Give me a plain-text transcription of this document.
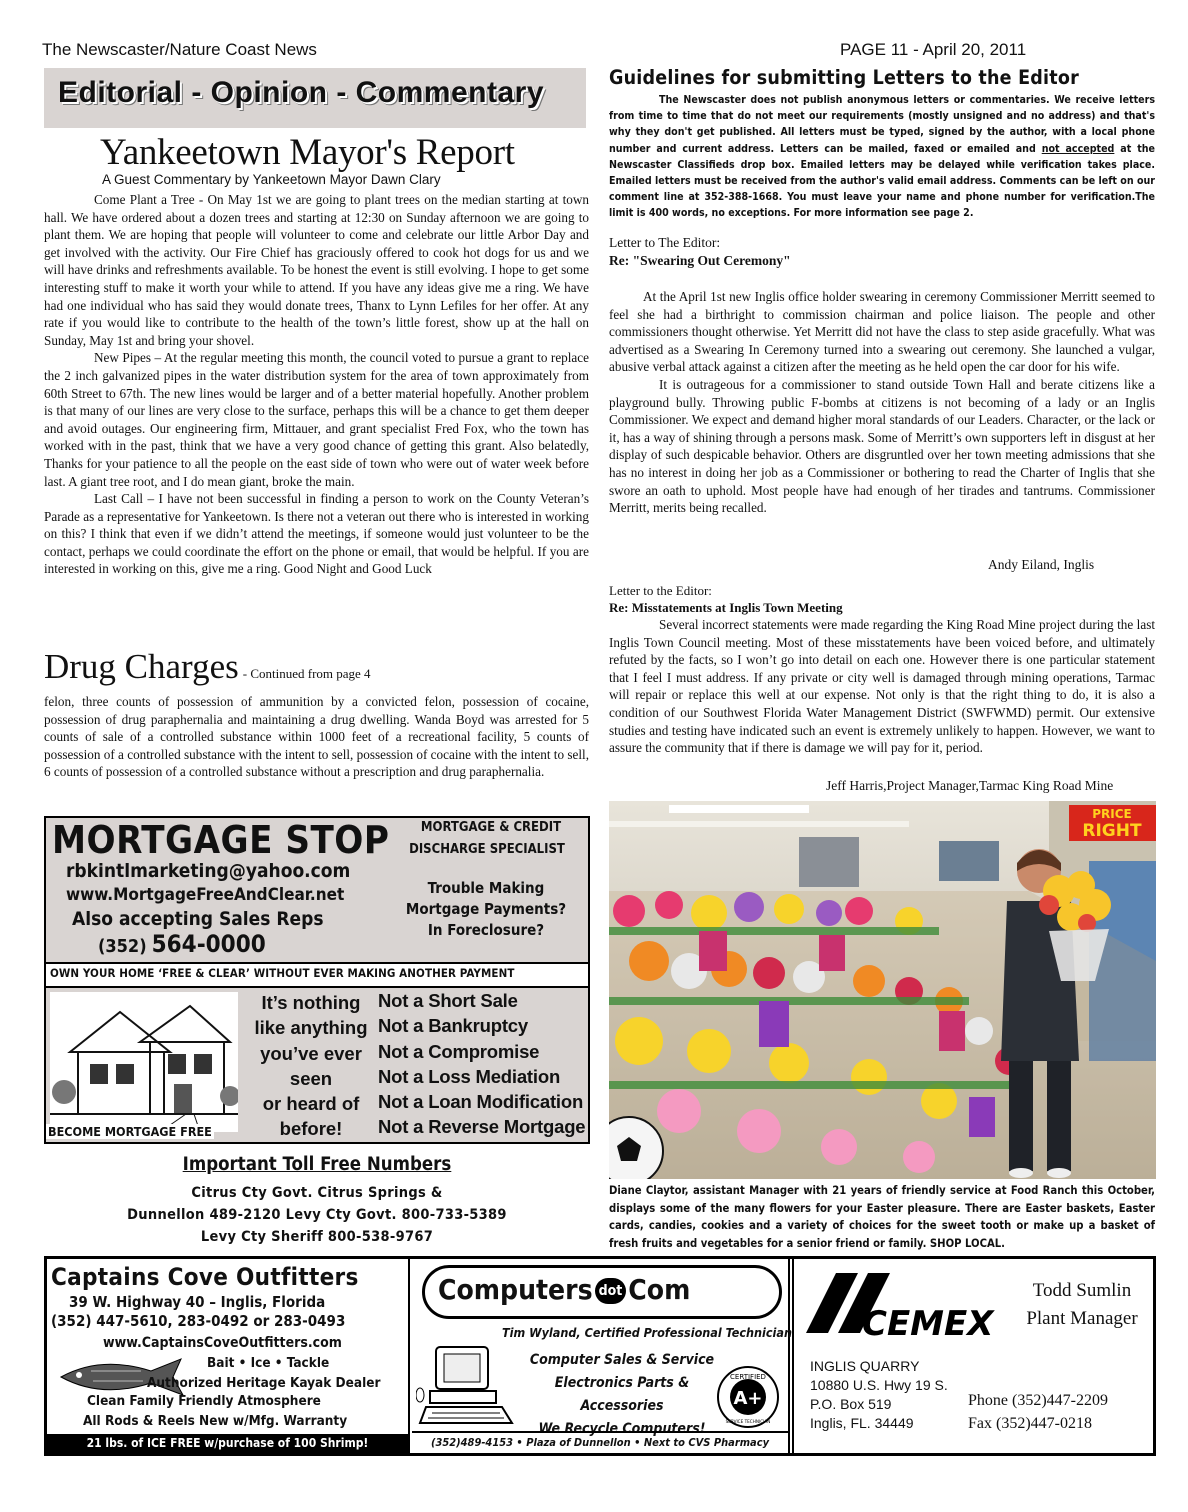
The Newscaster/Nature Coast News	PAGE 11 - April 20, 2011
Editorial - Opinion - Commentary
Yankeetown Mayor's Report
A Guest Commentary by Yankeetown Mayor Dawn Clary

Come Plant a Tree - On May 1st we are going to plant trees on the median starting at town hall. We have ordered about a dozen trees and starting at 12:30 on Sunday afternoon we are going to plant them. We are hoping that people will volunteer to come and celebrate our little Arbor Day and get involved with the activity. Our Fire Chief has graciously offered to cook hot dogs for us and we will have drinks and refreshments available. To be honest the event is still evolving. I hope to get some interesting stuff to make it worth your while to attend. If you have any ideas give me a ring. We have had one individual who has said they would donate trees, Thanx to Lynn Lefiles for her offer. At any rate if you would like to contribute to the health of the town’s little forest, show up at the hall on Sunday, May 1st and bring your shovel.

New Pipes – At the regular meeting this month, the council voted to pursue a grant to replace the 2 inch galvanized pipes in the water distribution system for the area of town approximately from 60th Street to 67th. The new lines would be larger and of a better material hopefully. Another problem is that many of our lines are very close to the surface, perhaps this will be a chance to get them deeper and avoid outages. Our engineering firm, Mittauer, and grant specialist Fred Fox, who the town has worked with in the past, think that we have a very good chance of getting this grant. Also belatedly, Thanks for your patience to all the people on the east side of town who were out of water week before last. A giant tree root, and I do mean giant, broke the main.

Last Call – I have not been successful in finding a person to work on the County Veteran’s Parade as a representative for Yankeetown. Is there not a veteran out there who is interested in working on this? I think that even if we didn’t attend the meetings, if someone would just volunteer to be the contact, perhaps we could coordinate the effort on the phone or email, that would be helpful. If you are interested in working on this, give me a ring. Good Night and Good Luck

Drug Charges - Continued from page 4
felon, three counts of possession of ammunition by a convicted felon, possession of cocaine, possession of drug paraphernalia and maintaining a drug dwelling. Wanda Boyd was arrested for 5 counts of sale of a controlled substance within 1000 feet of a recreational facility, 5 counts of possession of a controlled substance with the intent to sell, possession of cocaine with the intent to sell, 6 counts of possession of a controlled substance without a prescription and drug paraphernalia.
MORTGAGE STOP	MORTGAGE & CREDIT
DISCHARGE SPECIALIST
rbkintlmarketing@yahoo.com
www.MortgageFreeAndClear.net
Also accepting Sales Reps
(352) 564-0000
Trouble Making
Mortgage Payments?
In Foreclosure?
OWN YOUR HOME ‘FREE & CLEAR’ WITHOUT EVER MAKING ANOTHER PAYMENT
BECOME MORTGAGE FREE
It’s nothing
like anything
you’ve ever
seen
or heard of
before!
Not a Short Sale
Not a Bankruptcy
Not a Compromise
Not a Loss Mediation
Not a Loan Modification
Not a Reverse Mortgage
Important Toll Free Numbers
Citrus Cty Govt. Citrus Springs &
Dunnellon 489-2120 Levy Cty Govt. 800-733-5389
Levy Cty Sheriff 800-538-9767
Captains Cove Outfitters
39 W. Highway 40 – Inglis, Florida
(352) 447-5610, 283-0492 or 283-0493
www.CaptainsCoveOutfitters.com
Bait • Ice • Tackle
Authorized Heritage Kayak Dealer
Clean Family Friendly Atmosphere
All Rods & Reels New w/Mfg. Warranty
21 lbs. of ICE FREE w/purchase of 100 Shrimp!
Computers dot Com
Tim Wyland, Certified Professional Technician
Computer Sales & Service
Electronics Parts & Accessories
We Recycle Computers!
CERTIFIED
A+
SERVICE TECHNICIAN
(352)489-4153 • Plaza of Dunnellon • Next to CVS Pharmacy
CEMEX
Todd Sumlin
Plant Manager
INGLIS QUARRY
10880 U.S. Hwy 19 S.
P.O. Box 519
Inglis, FL. 34449
Phone (352)447-2209
Fax (352)447-0218
Guidelines for submitting Letters to the Editor
The Newscaster does not publish anonymous letters or commentaries. We receive letters from time to time that do not meet our requirements (mostly unsigned and no address) and that's why they don't get published. All letters must be typed, signed by the author, with a local phone number and current address. Letters can be mailed, faxed or emailed and not accepted at the Newscaster Classifieds drop box. Emailed letters may be delayed while verification takes place. Emailed letters must be received from the author's valid email address. Comments can be left on our comment line at 352-388-1668. You must leave your name and phone number for verification.The limit is 400 words, no exceptions. For more information see page 2.
Letter to The Editor:
Re: "Swearing Out Ceremony"

At the April 1st new Inglis office holder swearing in ceremony Commissioner Merritt seemed to feel she had a birthright to commission chairman and police liaison. The people and other commissioners thought otherwise. Yet Merritt did not have the class to step aside gracefully. What was advertised as a Swearing In Ceremony turned into a swearing out ceremony. She launched a vulgar, abusive verbal attack against a citizen after the meeting as he held open the car door for his wife.

It is outrageous for a commissioner to stand outside Town Hall and berate citizens like a playground bully. Throwing public F-bombs at citizens is not becoming of a lady or an Inglis Commissioner. We expect and demand higher moral standards of our Leaders. Character, or the lack or it, has a way of shining through a persons mask. Some of Merritt’s own supporters left in disgust at her display of such despicable behavior. Others are disgruntled over her town meeting admissions that she has no interest in doing her job as a Commissioner or bothering to read the Charter of Inglis that she swore an oath to uphold. Most people have had enough of her tirades and tantrums. Commissioner Merritt, merits being recalled.

Andy Eiland, Inglis
Letter to the Editor:
Re: Misstatements at Inglis Town Meeting

Several incorrect statements were made regarding the King Road Mine project during the last Inglis Town Council meeting. Most of these misstatements have been voiced before, and ultimately refuted by the facts, so I won’t go into detail on each one. However there is one particular statement that I feel I must address. If any private or city well is damaged through mining operations, Tarmac will repair or replace this well at our expense. Not only is that the right thing to do, it is also a condition of our Southwest Florida Water Management District (SWFWMD) permit. Our extensive studies and testing have indicated such an event is extremely unlikely to happen. However, we want to assure the community that if there is damage we will pay for it, period.

Jeff Harris,Project Manager,Tarmac King Road Mine
PRICE
RIGHT
Diane Claytor, assistant Manager with 21 years of friendly service at Food Ranch this October, displays some of the many flowers for your Easter pleasure. There are Easter baskets, Easter cards, candies, cookies and a variety of choices for the sweet tooth or make up a basket of fresh fruits and vegetables for a senior friend or family. SHOP LOCAL.
